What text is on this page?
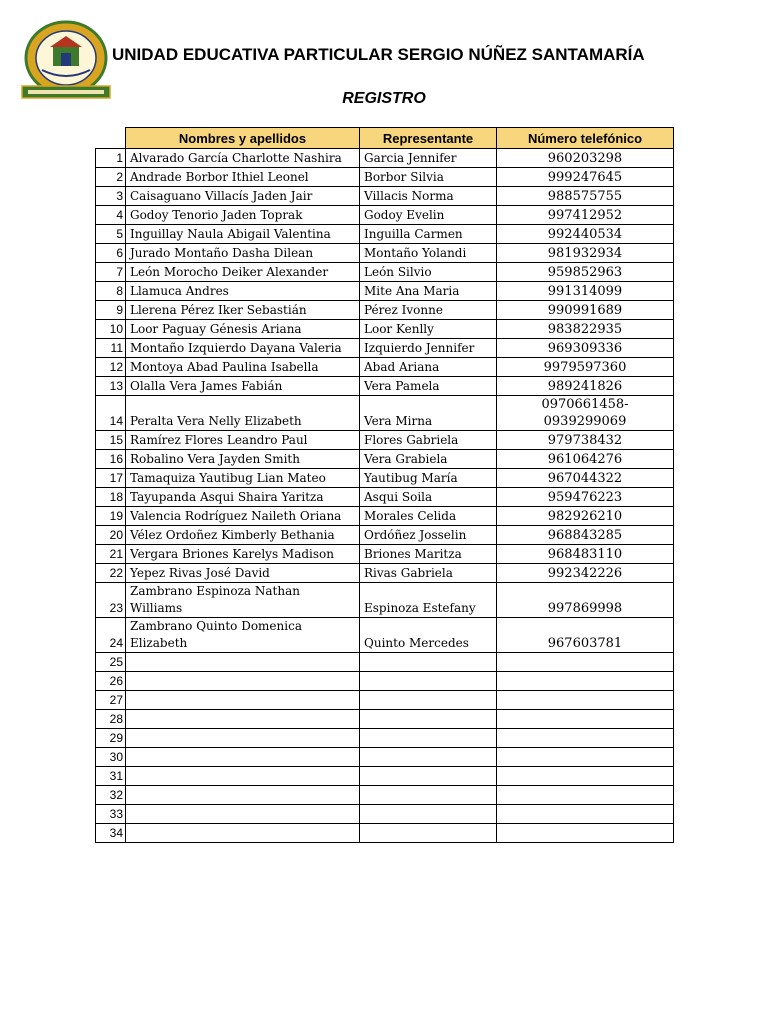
UNIDAD EDUCATIVA PARTICULAR SERGIO NÚÑEZ SANTAMARÍA
REGISTRO
	Nombres y apellidos	Representante	Número telefónico
1	Alvarado García Charlotte Nashira	Garcia Jennifer	960203298
2	Andrade Borbor Ithiel Leonel	Borbor Silvia	999247645
3	Caisaguano Villacís Jaden Jair	Villacis Norma	988575755
4	Godoy Tenorio Jaden Toprak	Godoy Evelin	997412952
5	Inguillay Naula Abigail Valentina	Inguilla Carmen	992440534
6	Jurado Montaño Dasha Dilean	Montaño Yolandi	981932934
7	León Morocho Deiker Alexander	León Silvio	959852963
8	Llamuca Andres	Mite Ana Maria	991314099
9	Llerena Pérez Iker Sebastián	Pérez Ivonne	990991689
10	Loor Paguay Génesis Ariana	Loor Kenlly	983822935
11	Montaño Izquierdo Dayana Valeria	Izquierdo Jennifer	969309336
12	Montoya Abad Paulina Isabella	Abad Ariana	9979597360
13	Olalla Vera James Fabián	Vera Pamela	989241826
14	Peralta Vera Nelly Elizabeth	Vera Mirna	0970661458-0939299069
15	Ramírez Flores Leandro Paul	Flores Gabriela	979738432
16	Robalino Vera Jayden Smith	Vera Grabiela	961064276
17	Tamaquiza Yautibug Lian Mateo	Yautibug María	967044322
18	Tayupanda Asqui Shaira Yaritza	Asqui Soila	959476223
19	Valencia Rodríguez Naileth Oriana	Morales Celida	982926210
20	Vélez Ordoñez Kimberly Bethania	Ordóñez Josselin	968843285
21	Vergara Briones Karelys Madison	Briones Maritza	968483110
22	Yepez Rivas José David	Rivas Gabriela	992342226
23	Zambrano Espinoza Nathan Williams	Espinoza Estefany	997869998
24	Zambrano Quinto Domenica Elizabeth	Quinto Mercedes	967603781
25			
26			
27			
28			
29			
30			
31			
32			
33			
34			
